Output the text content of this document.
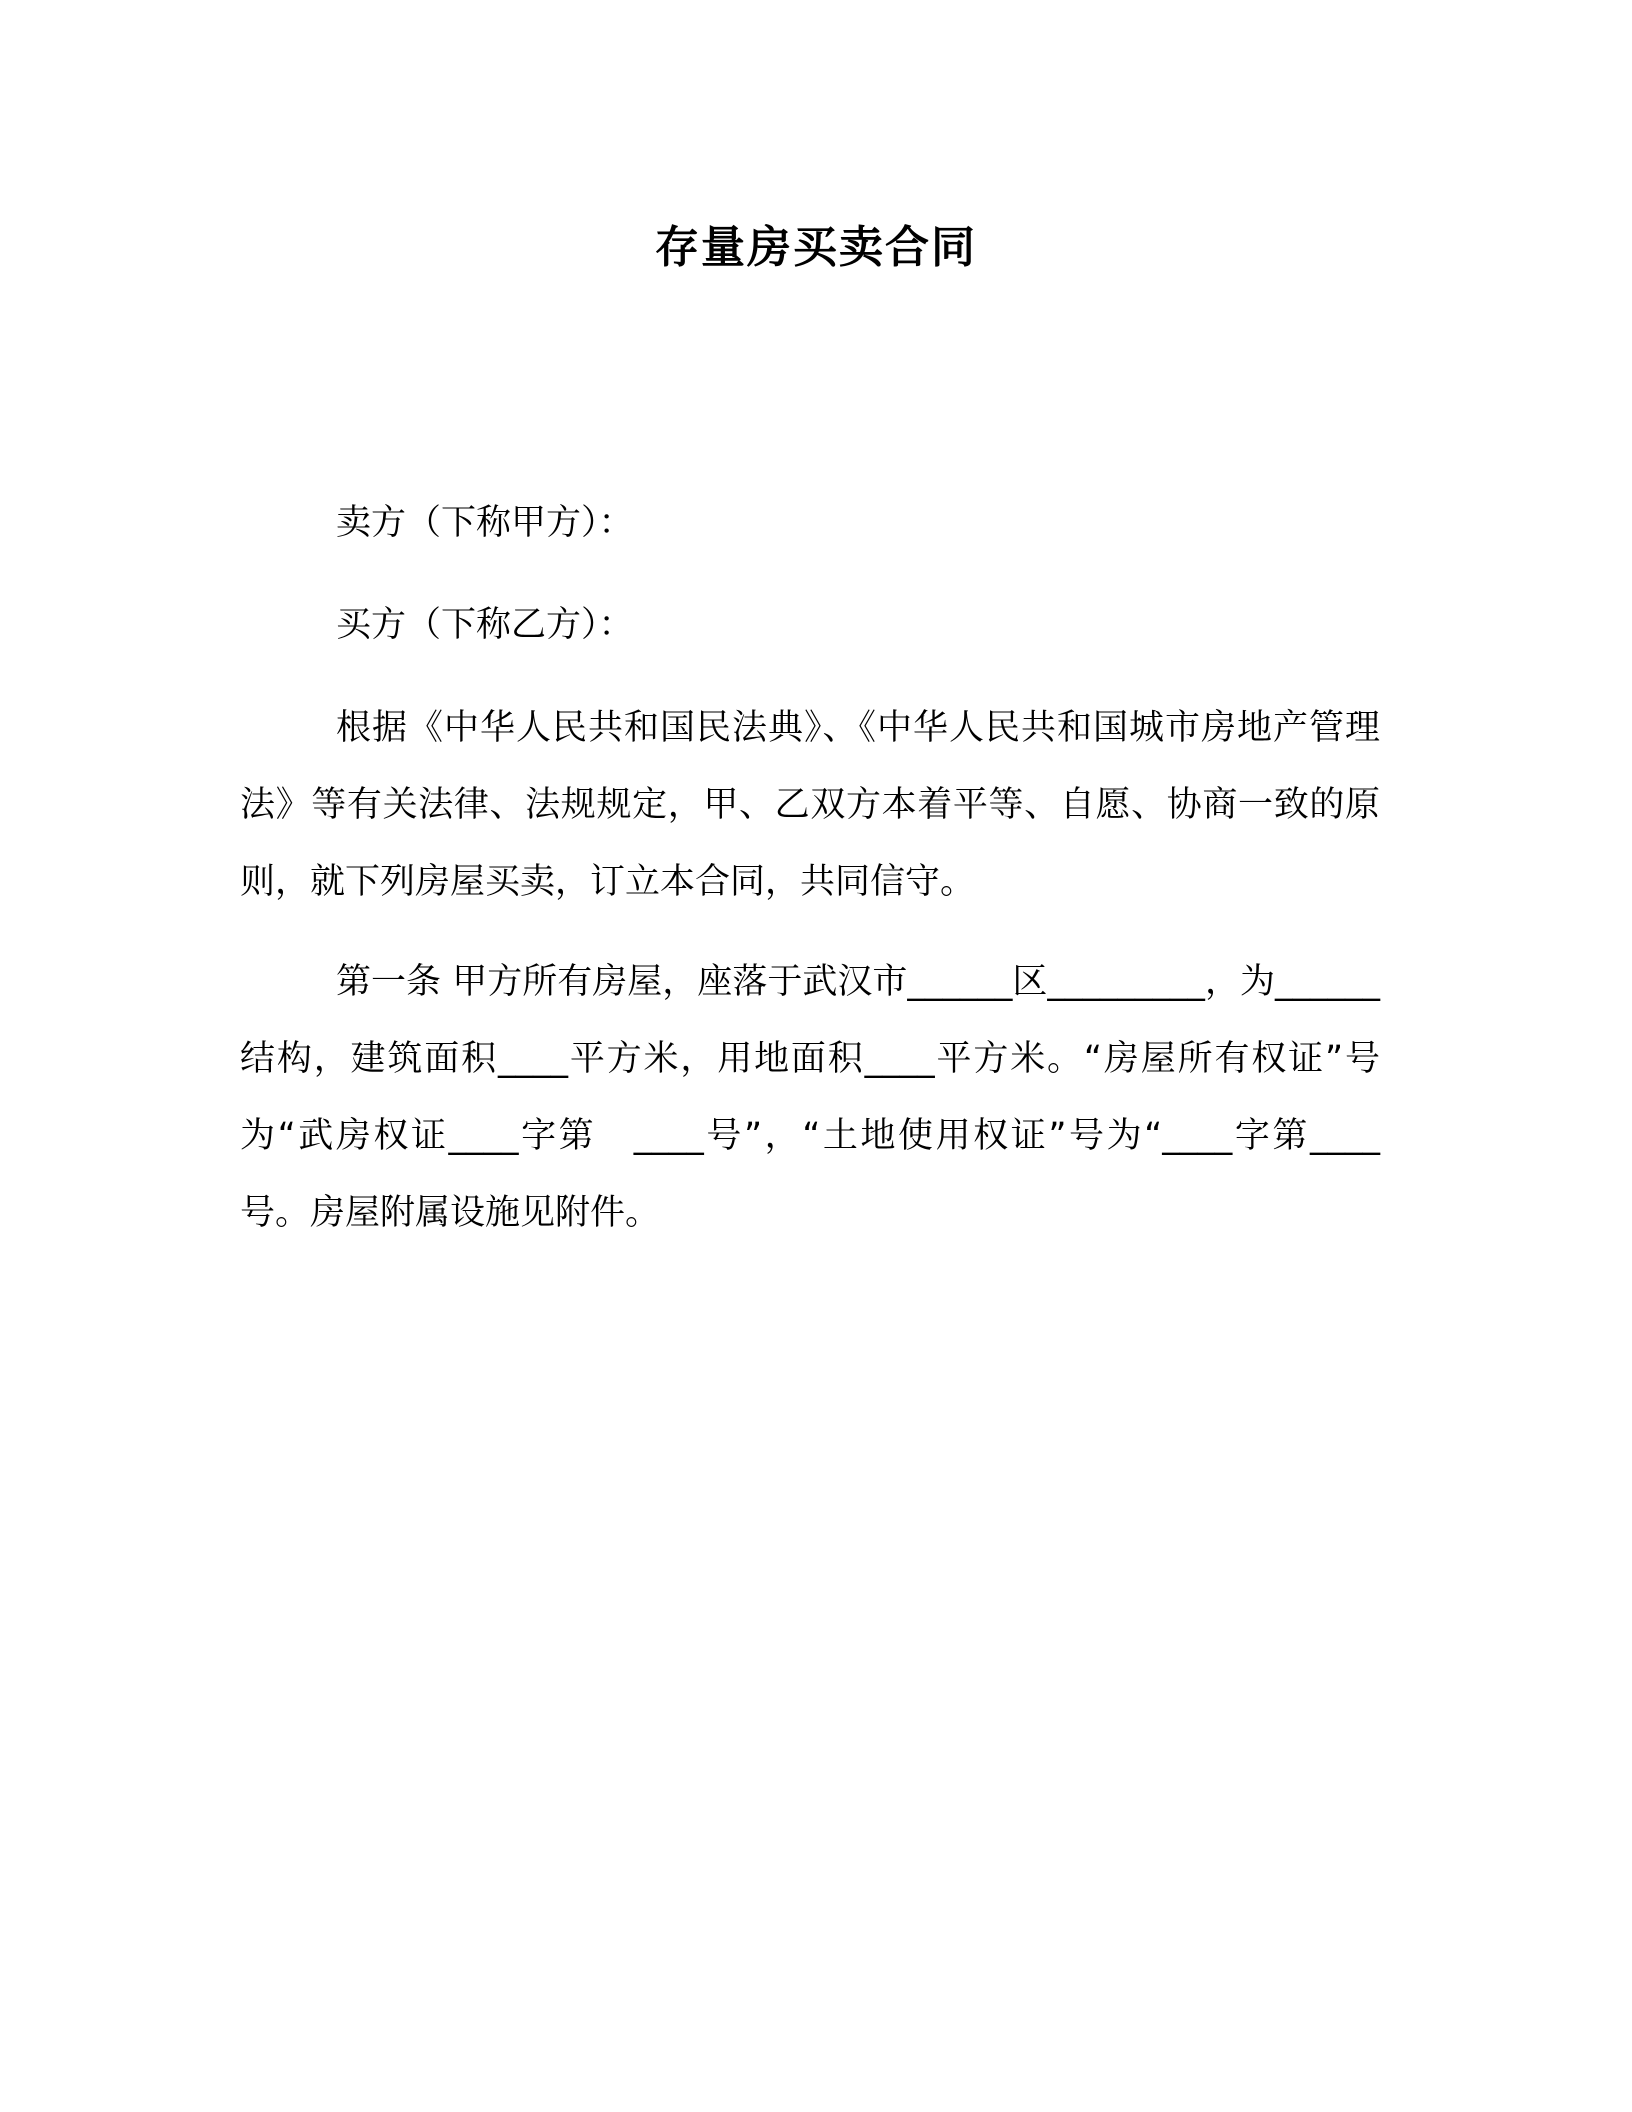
存量房买卖合同
卖方（下称甲方）：
买方（下称乙方）：
根据《中华人民共和国民法典》、《中华人民共和国城市房地产管理法》等有关法律、法规规定，甲、乙双方本着平等、自愿、协商一致的原则，就下列房屋买卖，订立本合同，共同信守。
第一条 甲方所有房屋，座落于武汉市______区_________，为______结构，建筑面积____平方米，用地面积____平方米。“房屋所有权证”号为“武房权证____字第　____号”，“土地使用权证”号为“____字第____号。房屋附属设施见附件。
